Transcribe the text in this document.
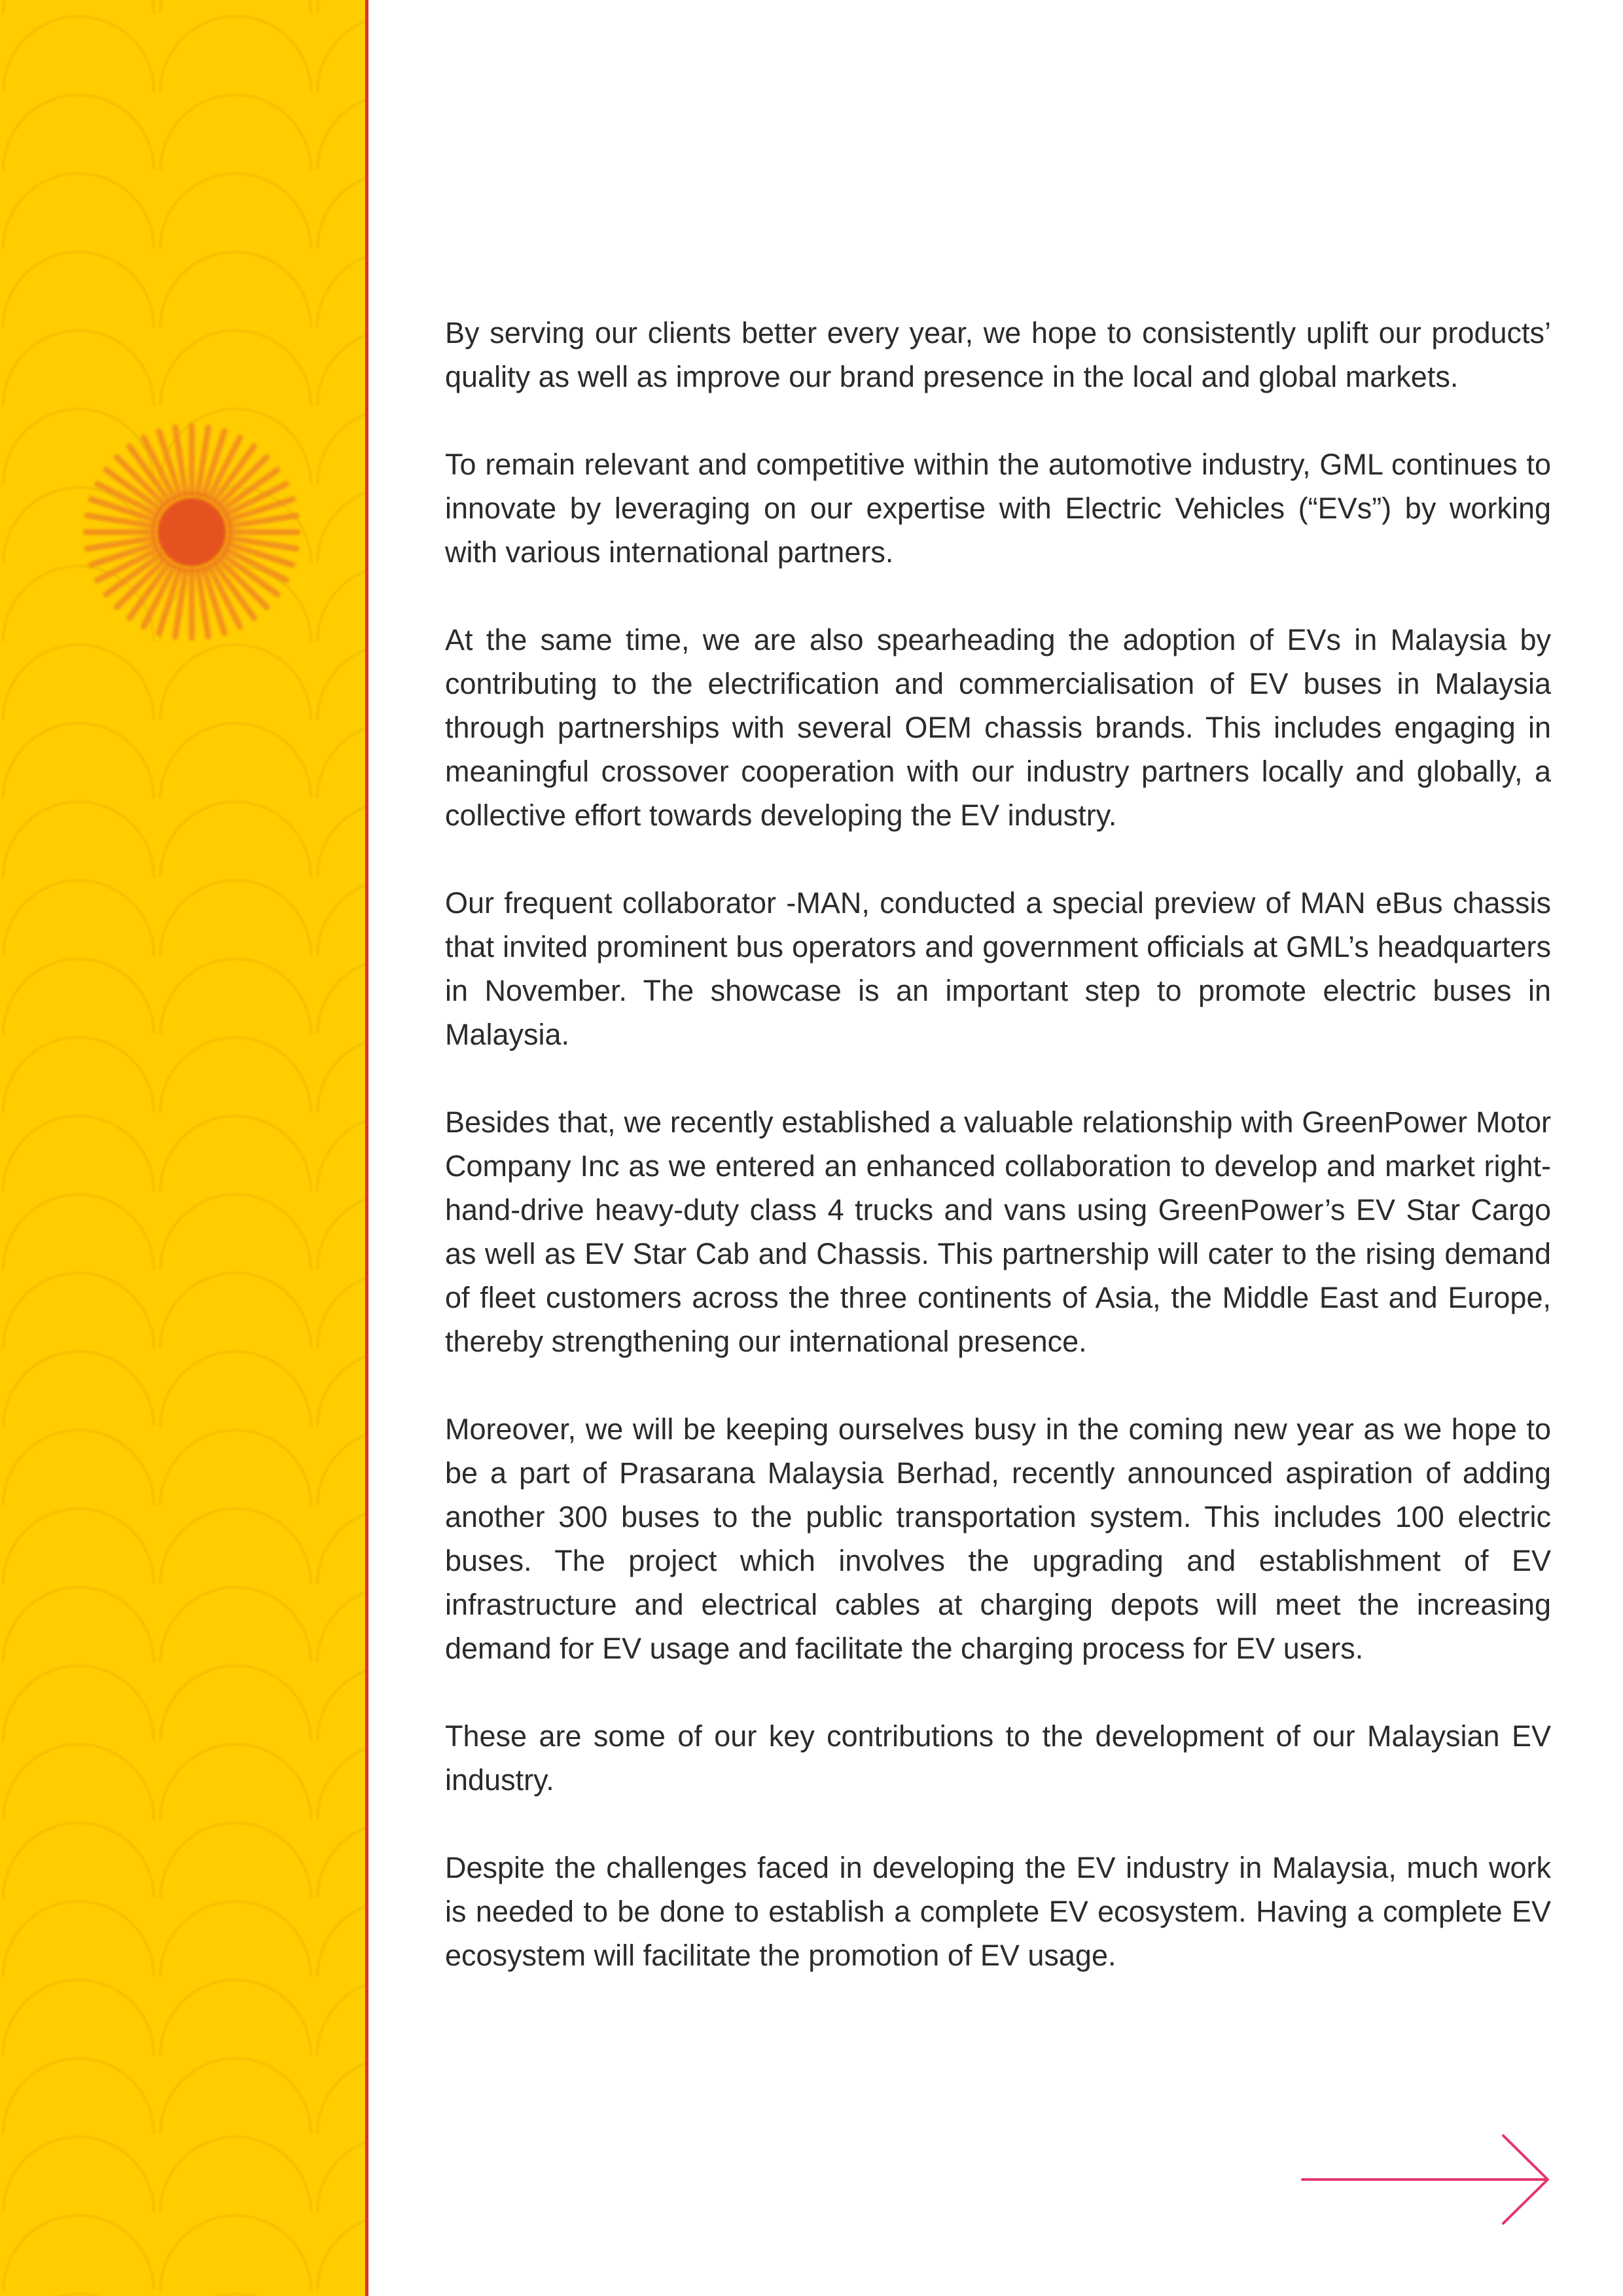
By serving our clients better every year, we hope to consistently uplift our products’ quality as well as improve our brand presence in the local and global markets.

To remain relevant and competitive within the automotive industry, GML continues to innovate by leveraging on our expertise with Electric Vehicles (“EVs”) by working with various international partners.

At the same time, we are also spearheading the adoption of EVs in Malaysia by contributing to the electrification and commercialisation of EV buses in Malaysia through partnerships with several OEM chassis brands. This includes engaging in meaningful crossover cooperation with our industry partners locally and globally, a collective effort towards developing the EV industry.

Our frequent collaborator -MAN, conducted a special preview of MAN eBus chassis that invited prominent bus operators and government officials at GML’s headquarters in November. The showcase is an important step to promote electric buses in Malaysia.

Besides that, we recently established a valuable relationship with GreenPower Motor Company Inc as we entered an enhanced collaboration to develop and market right-hand-drive heavy-duty class 4 trucks and vans using GreenPower’s EV Star Cargo as well as EV Star Cab and Chassis. This partnership will cater to the rising demand of fleet customers across the three continents of Asia, the Middle East and Europe, thereby strengthening our international presence.

Moreover, we will be keeping ourselves busy in the coming new year as we hope to be a part of Prasarana Malaysia Berhad, recently announced aspiration of adding another 300 buses to the public transportation system. This includes 100 electric buses. The project which involves the upgrading and establishment of EV infrastructure and electrical cables at charging depots will meet the increasing demand for EV usage and facilitate the charging process for EV users.

These are some of our key contributions to the development of our Malaysian EV industry.

Despite the challenges faced in developing the EV industry in Malaysia, much work is needed to be done to establish a complete EV ecosystem. Having a complete EV ecosystem will facilitate the promotion of EV usage.
